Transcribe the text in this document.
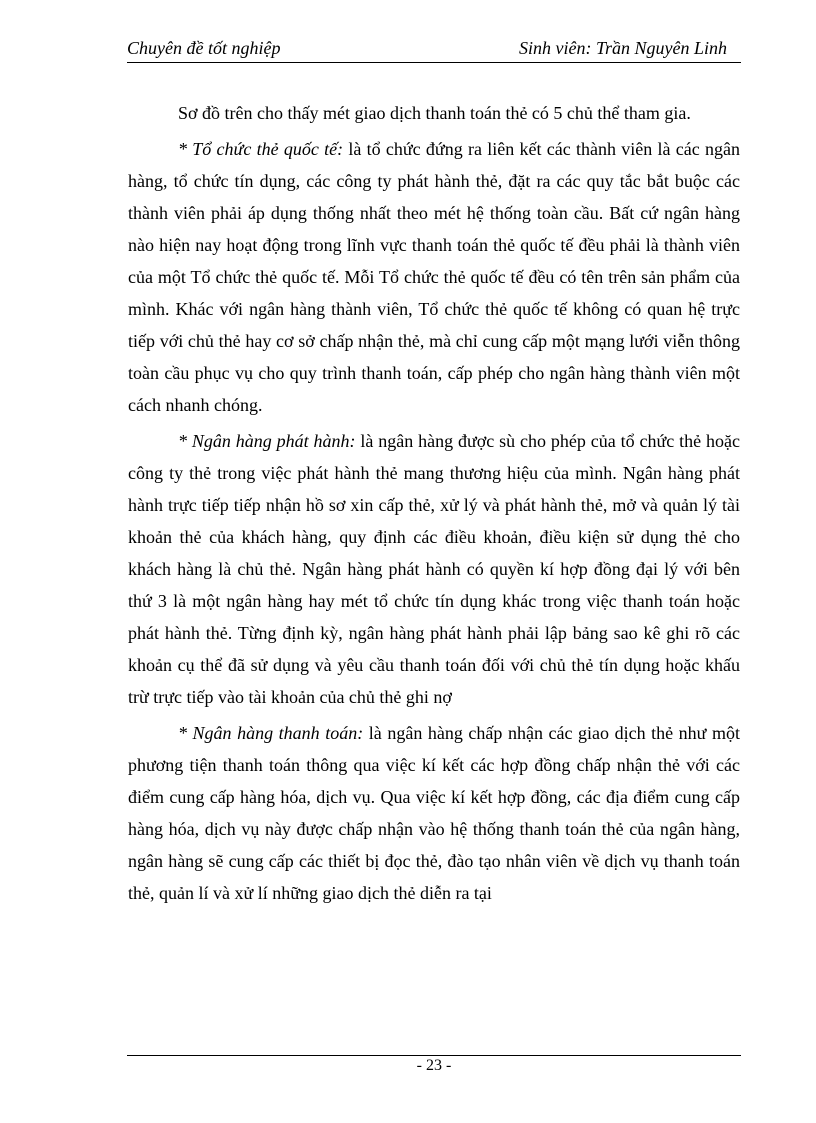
Chuyên đề tốt nghiệp	Sinh viên: Trần Nguyên Linh

Sơ đồ trên cho thấy mét giao dịch thanh toán thẻ có 5 chủ thể tham gia.

* Tổ chức thẻ quốc tế: là tổ chức đứng ra liên kết các thành viên là các ngân hàng, tổ chức tín dụng, các công ty phát hành thẻ, đặt ra các quy tắc bắt buộc các thành viên phải áp dụng thống nhất theo mét hệ thống toàn cầu. Bất cứ ngân hàng nào hiện nay hoạt động trong lĩnh vực thanh toán thẻ quốc tế đều phải là thành viên của một Tổ chức thẻ quốc tế. Mỗi Tổ chức thẻ quốc tế đều có tên trên sản phẩm của mình. Khác với ngân hàng thành viên, Tổ chức thẻ quốc tế không có quan hệ trực tiếp với chủ thẻ hay cơ sở chấp nhận thẻ, mà chỉ cung cấp một mạng lưới viễn thông toàn cầu phục vụ cho quy trình thanh toán, cấp phép cho ngân hàng thành viên một cách nhanh chóng.

* Ngân hàng phát hành: là ngân hàng được sù cho phép của tổ chức thẻ hoặc công ty thẻ trong việc phát hành thẻ mang thương hiệu của mình. Ngân hàng phát hành trực tiếp tiếp nhận hồ sơ xin cấp thẻ, xử lý và phát hành thẻ, mở và quản lý tài khoản thẻ của khách hàng, quy định các điều khoản, điều kiện sử dụng thẻ cho khách hàng là chủ thẻ. Ngân hàng phát hành có quyền kí hợp đồng đại lý với bên thứ 3 là một ngân hàng hay mét tổ chức tín dụng khác trong việc thanh toán hoặc phát hành thẻ. Từng định kỳ, ngân hàng phát hành phải lập bảng sao kê ghi rõ các khoản cụ thể đã sử dụng và yêu cầu thanh toán đối với chủ thẻ tín dụng hoặc khấu trừ trực tiếp vào tài khoản của chủ thẻ ghi nợ

* Ngân hàng thanh toán: là ngân hàng chấp nhận các giao dịch thẻ như một phương tiện thanh toán thông qua việc kí kết các hợp đồng chấp nhận thẻ với các điểm cung cấp hàng hóa, dịch vụ. Qua việc kí kết hợp đồng, các địa điểm cung cấp hàng hóa, dịch vụ này được chấp nhận vào hệ thống thanh toán thẻ của ngân hàng, ngân hàng sẽ cung cấp các thiết bị đọc thẻ, đào tạo nhân viên về dịch vụ thanh toán thẻ, quản lí và xử lí những giao dịch thẻ diễn ra tại

- 23 -
